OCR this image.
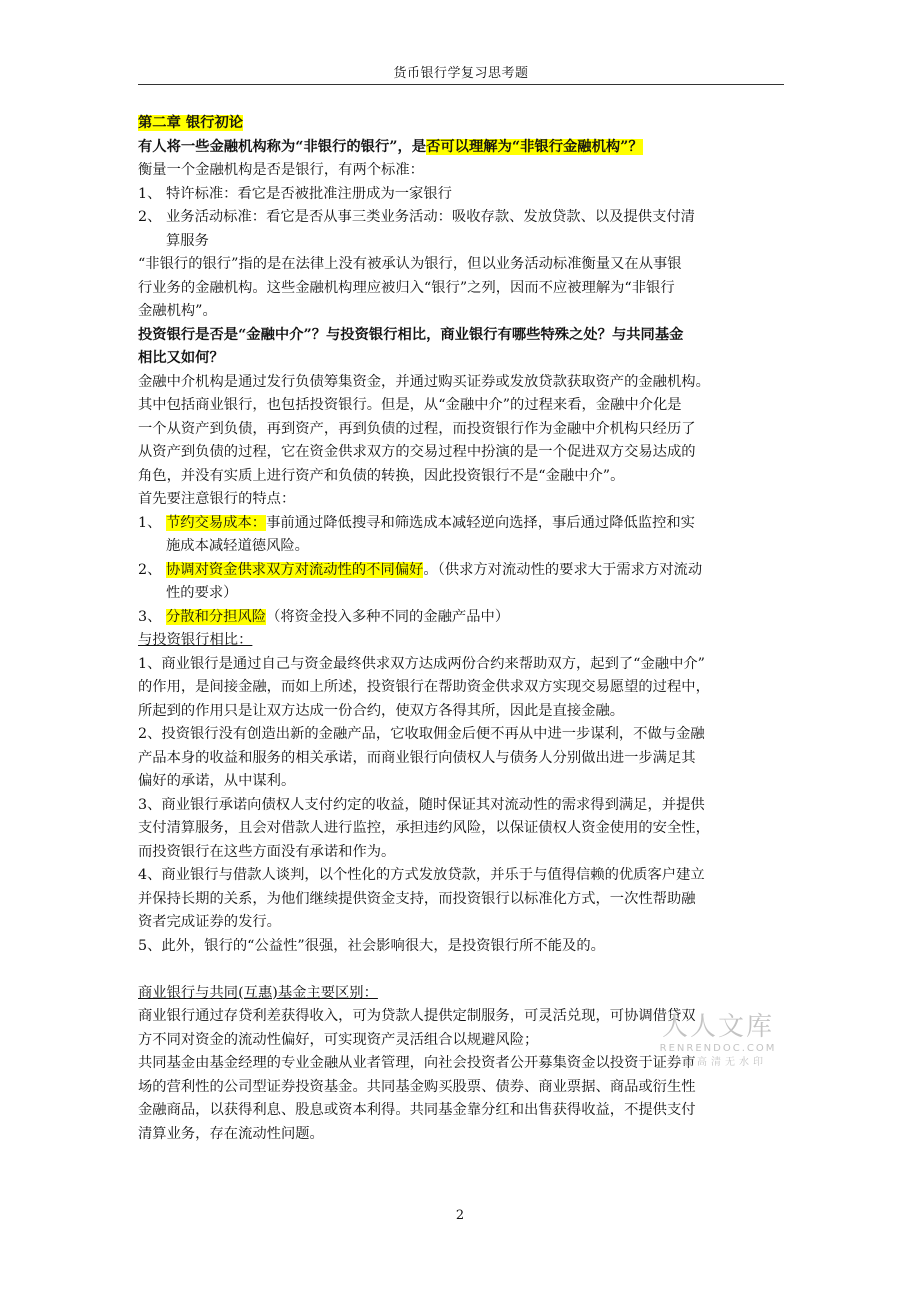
货币银行学复习思考题
第二章 银行初论
有人将一些金融机构称为“非银行的银行”，是否可以理解为“非银行金融机构”？
衡量一个金融机构是否是银行，有两个标准：
1、 特许标准：看它是否被批准注册成为一家银行
2、 业务活动标准：看它是否从事三类业务活动：吸收存款、发放贷款、以及提供支付清
算服务
“非银行的银行”指的是在法律上没有被承认为银行，但以业务活动标准衡量又在从事银
行业务的金融机构。这些金融机构理应被归入“银行”之列，因而不应被理解为“非银行
金融机构”。
投资银行是否是“金融中介”？与投资银行相比，商业银行有哪些特殊之处？与共同基金
相比又如何？
金融中介机构是通过发行负债筹集资金，并通过购买证券或发放贷款获取资产的金融机构。
其中包括商业银行，也包括投资银行。但是，从“金融中介”的过程来看，金融中介化是
一个从资产到负债，再到资产，再到负债的过程，而投资银行作为金融中介机构只经历了
从资产到负债的过程，它在资金供求双方的交易过程中扮演的是一个促进双方交易达成的
角色，并没有实质上进行资产和负债的转换，因此投资银行不是“金融中介”。
首先要注意银行的特点：
1、 节约交易成本：事前通过降低搜寻和筛选成本减轻逆向选择，事后通过降低监控和实
施成本减轻道德风险。
2、 协调对资金供求双方对流动性的不同偏好。（供求方对流动性的要求大于需求方对流动
性的要求）
3、 分散和分担风险（将资金投入多种不同的金融产品中）
与投资银行相比：
1、商业银行是通过自己与资金最终供求双方达成两份合约来帮助双方，起到了“金融中介”
的作用，是间接金融，而如上所述，投资银行在帮助资金供求双方实现交易愿望的过程中，
所起到的作用只是让双方达成一份合约，使双方各得其所，因此是直接金融。
2、投资银行没有创造出新的金融产品，它收取佣金后便不再从中进一步谋利，不做与金融
产品本身的收益和服务的相关承诺，而商业银行向债权人与债务人分别做出进一步满足其
偏好的承诺，从中谋利。
3、商业银行承诺向债权人支付约定的收益，随时保证其对流动性的需求得到满足，并提供
支付清算服务，且会对借款人进行监控，承担违约风险，以保证债权人资金使用的安全性，
而投资银行在这些方面没有承诺和作为。
4、商业银行与借款人谈判，以个性化的方式发放贷款，并乐于与值得信赖的优质客户建立
并保持长期的关系，为他们继续提供资金支持，而投资银行以标准化方式，一次性帮助融
资者完成证券的发行。
5、此外，银行的“公益性”很强，社会影响很大，是投资银行所不能及的。
商业银行与共同(互惠)基金主要区别：
商业银行通过存贷利差获得收入，可为贷款人提供定制服务，可灵活兑现，可协调借贷双
方不同对资金的流动性偏好，可实现资产灵活组合以规避风险；
共同基金由基金经理的专业金融从业者管理，向社会投资者公开募集资金以投资于证券市
场的营利性的公司型证券投资基金。共同基金购买股票、债券、商业票据、商品或衍生性
金融商品，以获得利息、股息或资本利得。共同基金靠分红和出售获得收益，不提供支付
清算业务，存在流动性问题。
人人文库
RENRENDOC.COM
下载高清无水印
2
